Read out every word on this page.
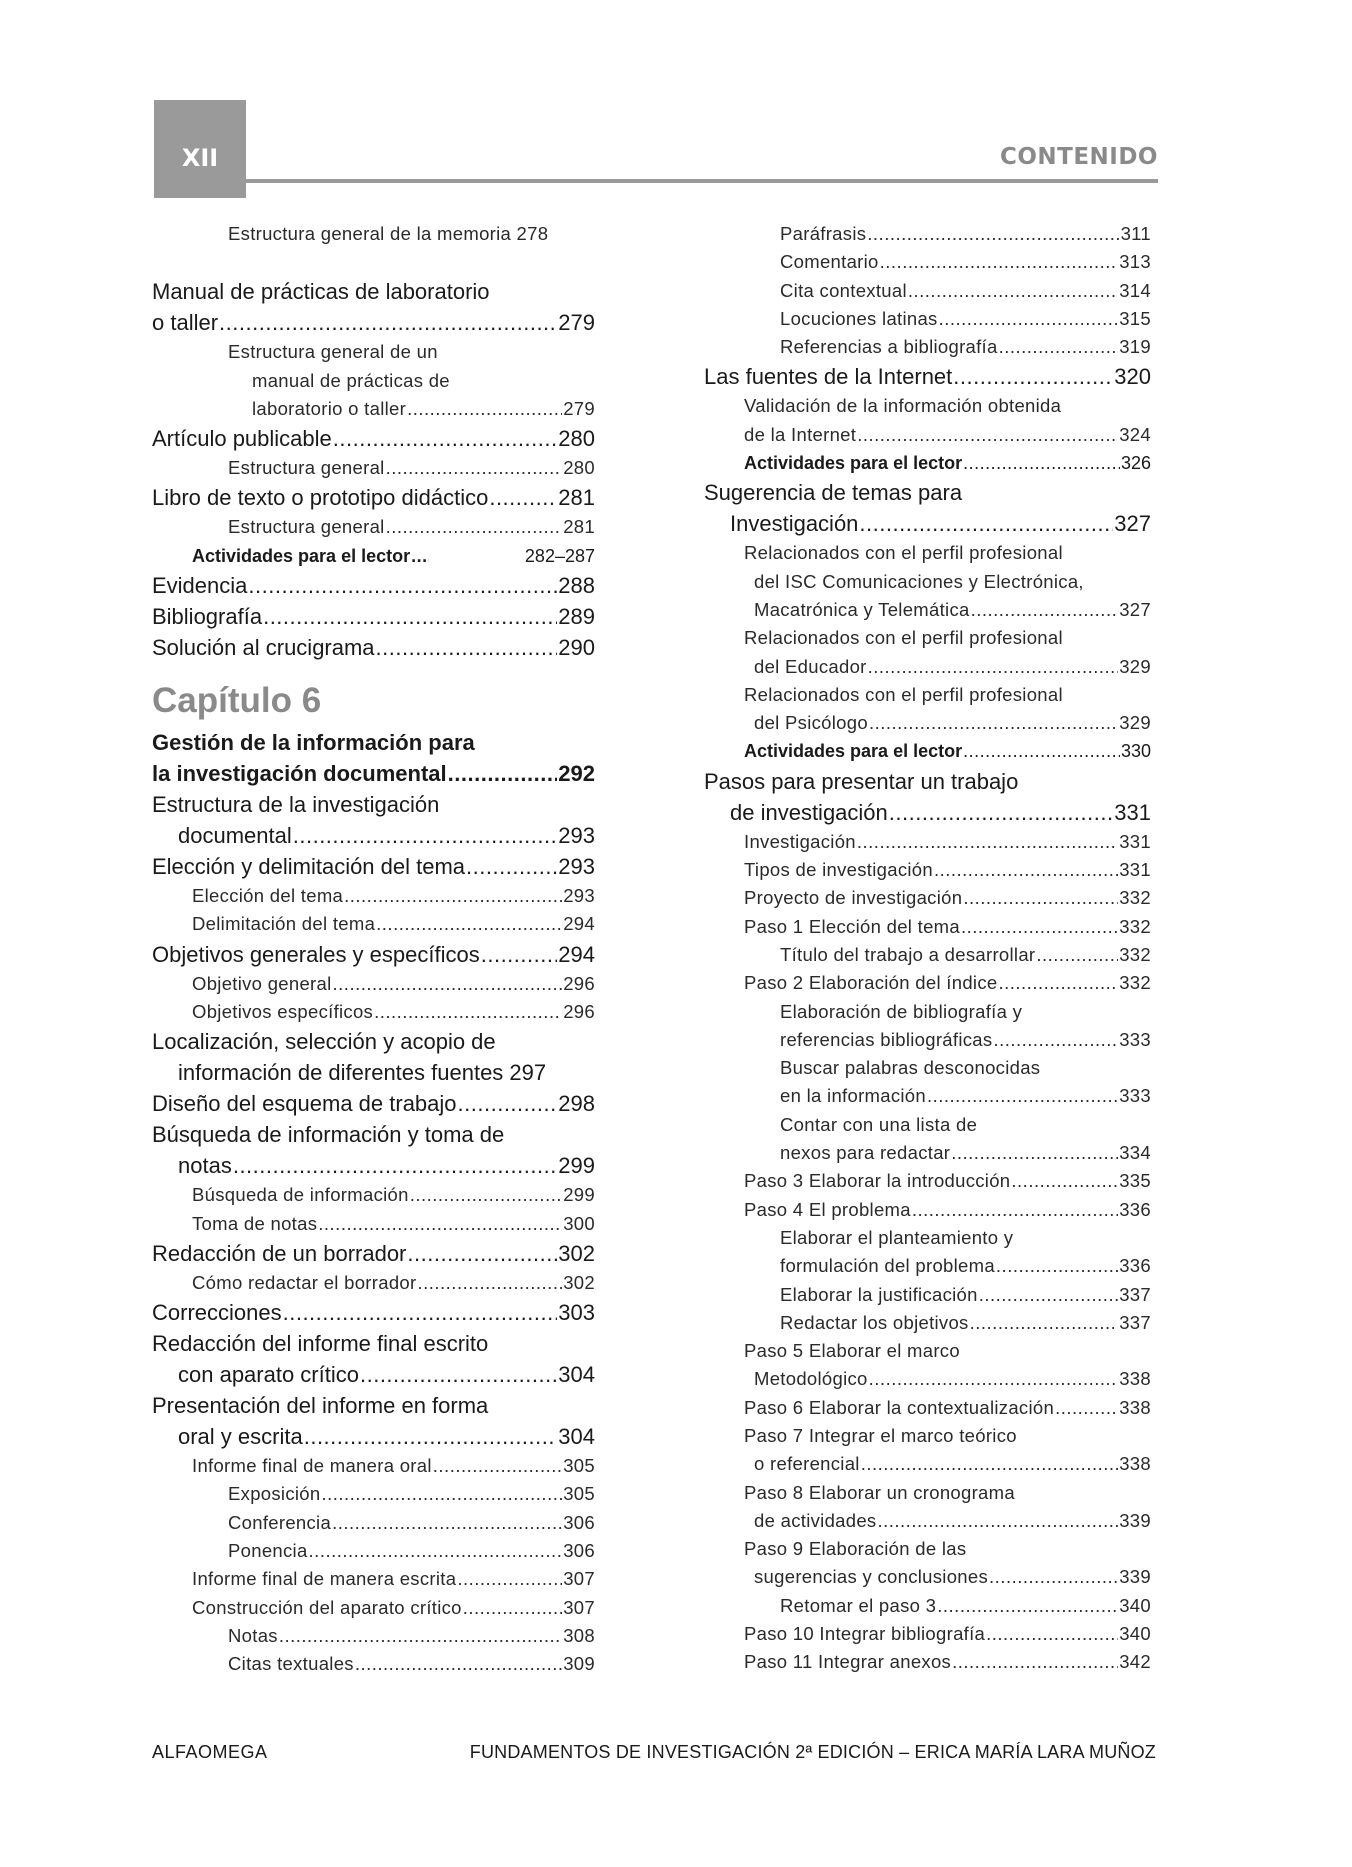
XII	CONTENIDO
Estructura general de la memoria 278
Manual de prácticas de laboratorio
o taller .....	279
Estructura general de un
manual de prácticas de
laboratorio o taller .....	279
Artículo publicable .....	280
Estructura general .....	280
Libro de texto o prototipo didáctico .....	281
Estructura general .....	281
Actividades para el lector .....	282–287
Evidencia .....	288
Bibliografía .....	289
Solución al crucigrama .....	290
Capítulo 6
Gestión de la información para
la investigación documental .....	292
Estructura de la investigación
documental .....	293
Elección y delimitación del tema .....	293
Elección del tema .....	293
Delimitación del tema .....	294
Objetivos generales y específicos .....	294
Objetivo general .....	296
Objetivos específicos .....	296
Localización, selección y acopio de
información de diferentes fuentes 297
Diseño del esquema de trabajo .....	298
Búsqueda de información y toma de
notas .....	299
Búsqueda de información .....	299
Toma de notas .....	300
Redacción de un borrador .....	302
Cómo redactar el borrador .....	302
Correcciones .....	303
Redacción del informe final escrito
con aparato crítico .....	304
Presentación del informe en forma
oral y escrita .....	304
Informe final de manera oral .....	305
Exposición .....	305
Conferencia .....	306
Ponencia .....	306
Informe final de manera escrita .....	307
Construcción del aparato crítico .....	307
Notas .....	308
Citas textuales .....	309
Paráfrasis .....	311
Comentario .....	313
Cita contextual .....	314
Locuciones latinas .....	315
Referencias a bibliografía .....	319
Las fuentes de la Internet .....	320
Validación de la información obtenida
de la Internet .....	324
Actividades para el lector .....	326
Sugerencia de temas para
Investigación .....	327
Relacionados con el perfil profesional
del ISC Comunicaciones y Electrónica,
Macatrónica y Telemática .....	327
Relacionados con el perfil profesional
del Educador .....	329
Relacionados con el perfil profesional
del Psicólogo .....	329
Actividades para el lector .....	330
Pasos para presentar un trabajo
de investigación .....	331
Investigación .....	331
Tipos de investigación .....	331
Proyecto de investigación .....	332
Paso 1 Elección del tema .....	332
Título del trabajo a desarrollar .....	332
Paso 2 Elaboración del índice .....	332
Elaboración de bibliografía y
referencias bibliográficas .....	333
Buscar palabras desconocidas
en la información .....	333
Contar con una lista de
nexos para redactar .....	334
Paso 3 Elaborar la introducción .....	335
Paso 4 El problema .....	336
Elaborar el planteamiento y
formulación del problema .....	336
Elaborar la justificación .....	337
Redactar los objetivos .....	337
Paso 5 Elaborar el marco
Metodológico .....	338
Paso 6 Elaborar la contextualización .....	338
Paso 7 Integrar el marco teórico
o referencial .....	338
Paso 8 Elaborar un cronograma
de actividades .....	339
Paso 9 Elaboración de las
sugerencias y conclusiones .....	339
Retomar el paso 3 .....	340
Paso 10 Integrar bibliografía .....	340
Paso 11 Integrar anexos .....	342
ALFAOMEGA	FUNDAMENTOS DE INVESTIGACIÓN 2ª EDICIÓN – ERICA MARÍA LARA MUÑOZ
